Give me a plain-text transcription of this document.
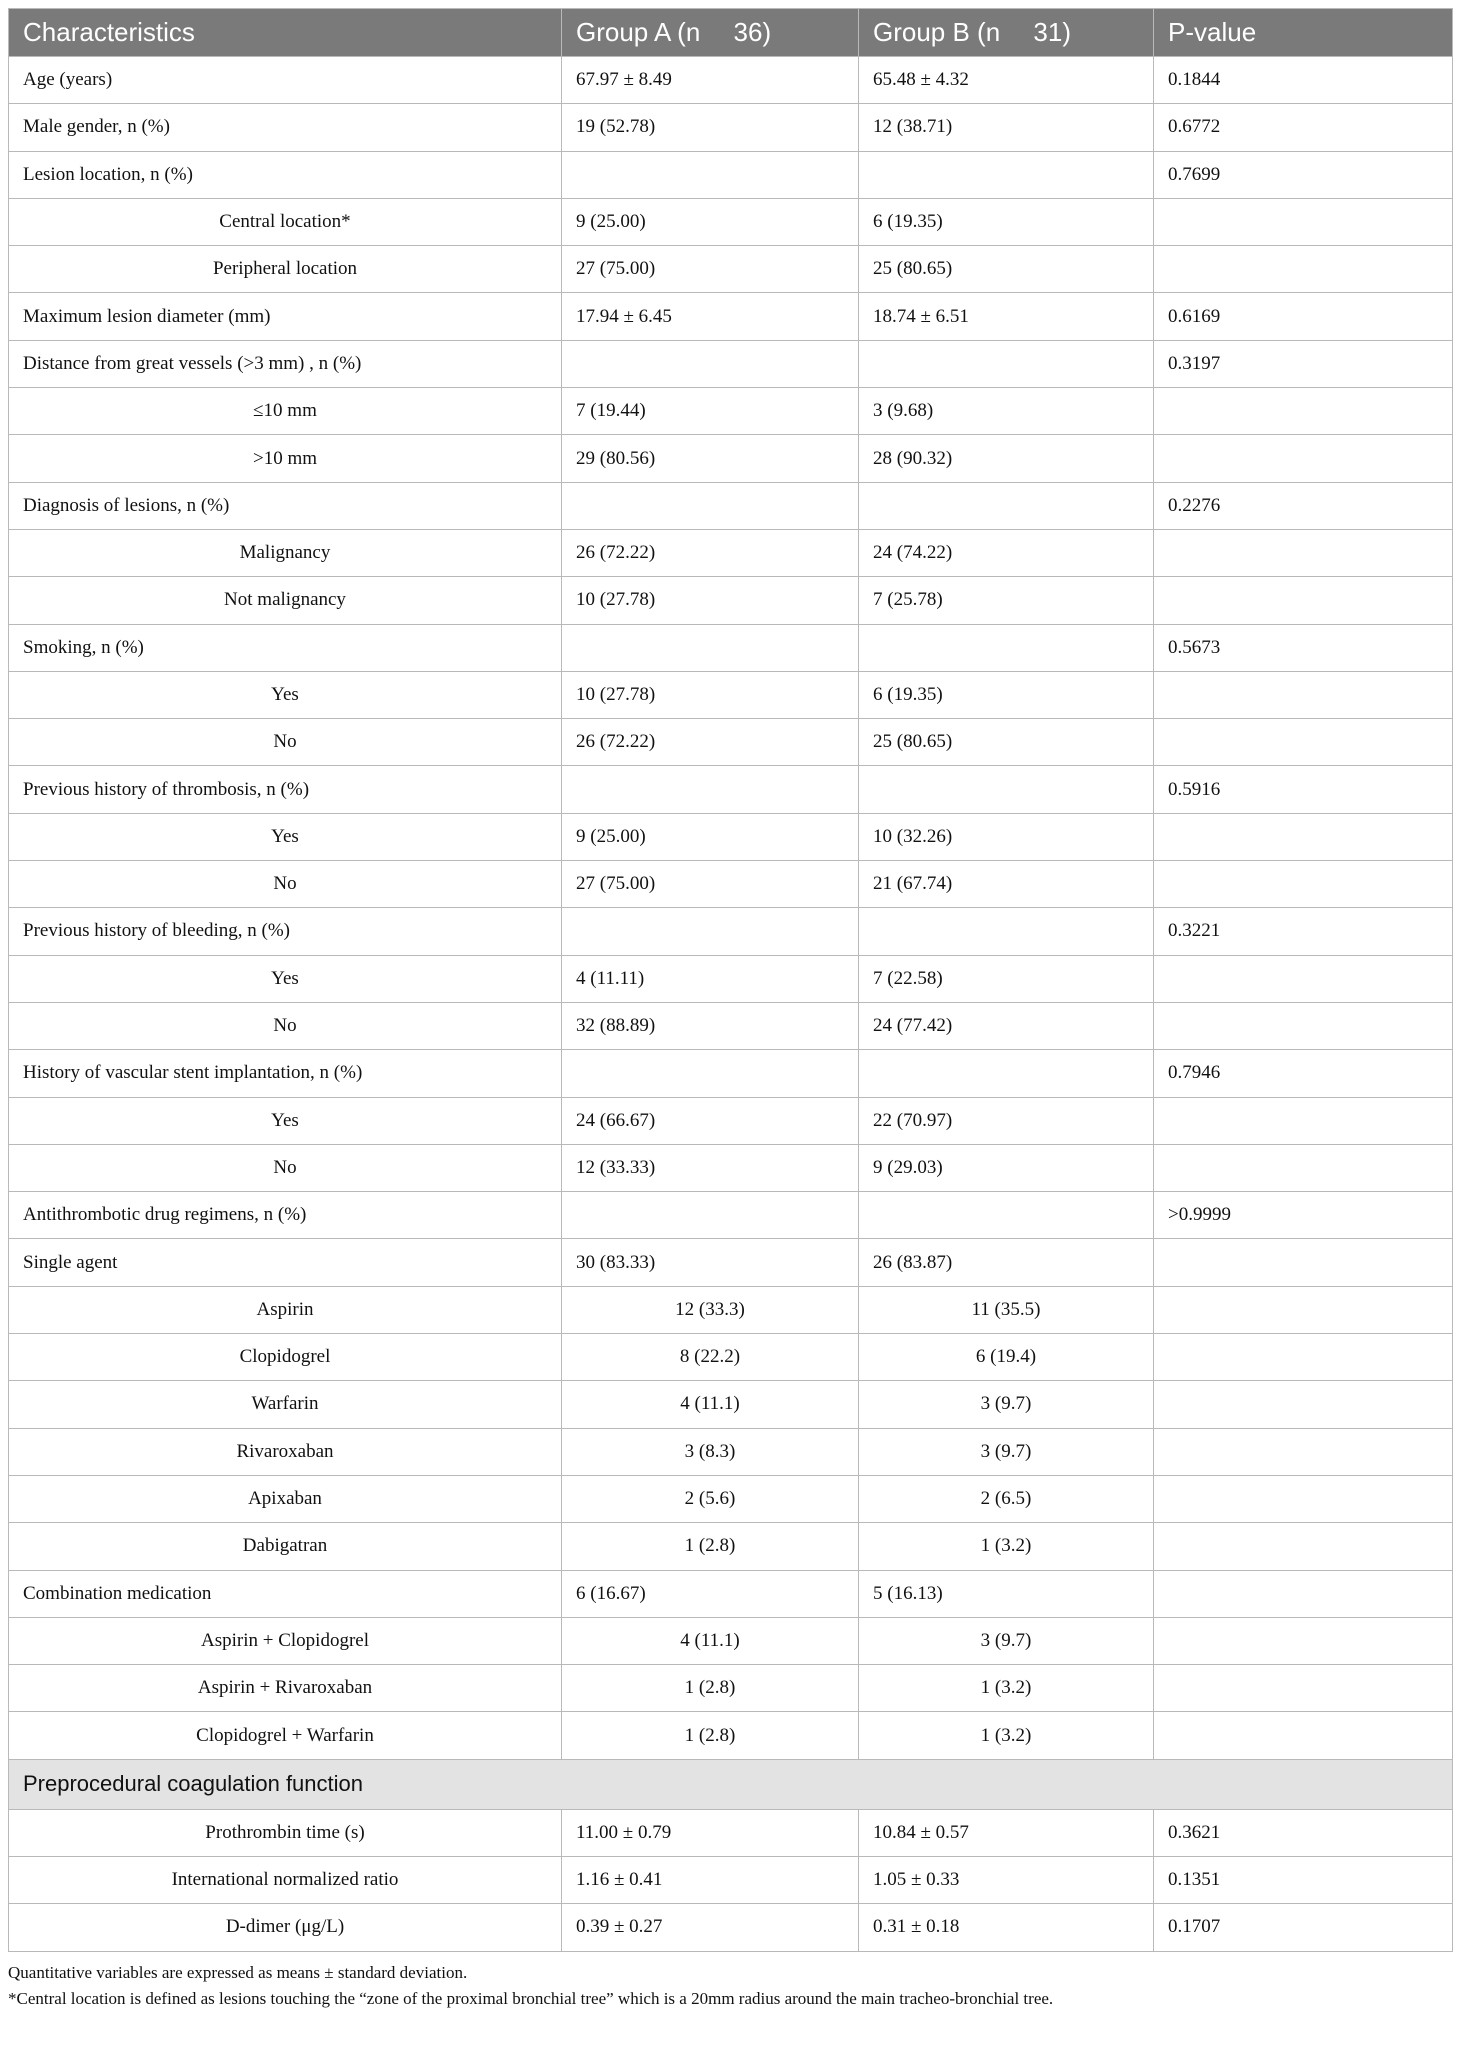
Characteristics	Group A (n  36)	Group B (n  31)	P-value
Age (years)	67.97 ± 8.49	65.48 ± 4.32	0.1844
Male gender, n (%)	19 (52.78)	12 (38.71)	0.6772
Lesion location, n (%)			0.7699
Central location*	9 (25.00)	6 (19.35)	
Peripheral location	27 (75.00)	25 (80.65)	
Maximum lesion diameter (mm)	17.94 ± 6.45	18.74 ± 6.51	0.6169
Distance from great vessels (>3 mm) , n (%)			0.3197
≤10 mm	7 (19.44)	3 (9.68)	
>10 mm	29 (80.56)	28 (90.32)	
Diagnosis of lesions, n (%)			0.2276
Malignancy	26 (72.22)	24 (74.22)	
Not malignancy	10 (27.78)	7 (25.78)	
Smoking, n (%)			0.5673
Yes	10 (27.78)	6 (19.35)	
No	26 (72.22)	25 (80.65)	
Previous history of thrombosis, n (%)			0.5916
Yes	9 (25.00)	10 (32.26)	
No	27 (75.00)	21 (67.74)	
Previous history of bleeding, n (%)			0.3221
Yes	4 (11.11)	7 (22.58)	
No	32 (88.89)	24 (77.42)	
History of vascular stent implantation, n (%)			0.7946
Yes	24 (66.67)	22 (70.97)	
No	12 (33.33)	9 (29.03)	
Antithrombotic drug regimens, n (%)			>0.9999
Single agent	30 (83.33)	26 (83.87)	
Aspirin	12 (33.3)	11 (35.5)	
Clopidogrel	8 (22.2)	6 (19.4)	
Warfarin	4 (11.1)	3 (9.7)	
Rivaroxaban	3 (8.3)	3 (9.7)	
Apixaban	2 (5.6)	2 (6.5)	
Dabigatran	1 (2.8)	1 (3.2)	
Combination medication	6 (16.67)	5 (16.13)	
Aspirin + Clopidogrel	4 (11.1)	3 (9.7)	
Aspirin + Rivaroxaban	1 (2.8)	1 (3.2)	
Clopidogrel + Warfarin	1 (2.8)	1 (3.2)	
Preprocedural coagulation function			
Prothrombin time (s)	11.00 ± 0.79	10.84 ± 0.57	0.3621
International normalized ratio	1.16 ± 0.41	1.05 ± 0.33	0.1351
D-dimer (μg/L)	0.39 ± 0.27	0.31 ± 0.18	0.1707
Quantitative variables are expressed as means ± standard deviation.
*Central location is defined as lesions touching the “zone of the proximal bronchial tree” which is a 20mm radius around the main tracheo-bronchial tree.
